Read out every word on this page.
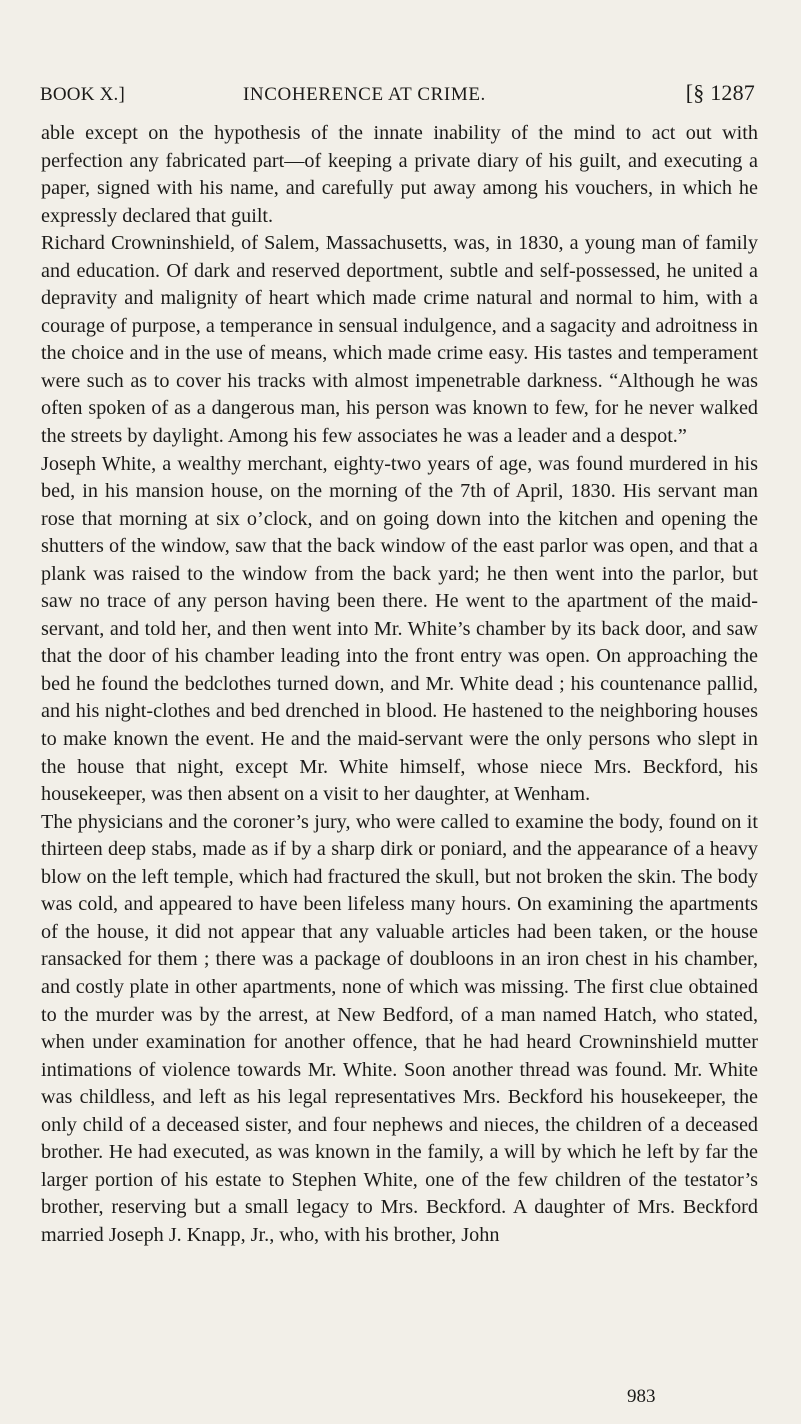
BOOK X.]	INCOHERENCE AT CRIME.	[§ 1287

able except on the hypothesis of the innate inability of the mind to act out with perfection any fabricated part—of keeping a private diary of his guilt, and executing a paper, signed with his name, and carefully put away among his vouchers, in which he expressly declared that guilt.

Richard Crowninshield, of Salem, Massachusetts, was, in 1830, a young man of family and education. Of dark and reserved deportment, subtle and self-possessed, he united a depravity and malignity of heart which made crime natural and normal to him, with a courage of purpose, a temperance in sensual indulgence, and a sagacity and adroitness in the choice and in the use of means, which made crime easy. His tastes and temperament were such as to cover his tracks with almost impenetrable darkness. “Although he was often spoken of as a dangerous man, his person was known to few, for he never walked the streets by daylight. Among his few associates he was a leader and a despot.”

Joseph White, a wealthy merchant, eighty-two years of age, was found murdered in his bed, in his mansion house, on the morning of the 7th of April, 1830. His servant man rose that morning at six o’clock, and on going down into the kitchen and opening the shutters of the window, saw that the back window of the east parlor was open, and that a plank was raised to the window from the back yard; he then went into the parlor, but saw no trace of any person having been there. He went to the apartment of the maid-servant, and told her, and then went into Mr. White’s chamber by its back door, and saw that the door of his chamber leading into the front entry was open. On approaching the bed he found the bedclothes turned down, and Mr. White dead ; his countenance pallid, and his night-clothes and bed drenched in blood. He hastened to the neighboring houses to make known the event. He and the maid-servant were the only persons who slept in the house that night, except Mr. White himself, whose niece Mrs. Beckford, his housekeeper, was then absent on a visit to her daughter, at Wenham.

The physicians and the coroner’s jury, who were called to examine the body, found on it thirteen deep stabs, made as if by a sharp dirk or poniard, and the appearance of a heavy blow on the left temple, which had fractured the skull, but not broken the skin. The body was cold, and appeared to have been lifeless many hours. On examining the apartments of the house, it did not appear that any valuable articles had been taken, or the house ransacked for them ; there was a package of doubloons in an iron chest in his chamber, and costly plate in other apartments, none of which was missing. The first clue obtained to the murder was by the arrest, at New Bedford, of a man named Hatch, who stated, when under examination for another offence, that he had heard Crowninshield mutter intimations of violence towards Mr. White. Soon another thread was found. Mr. White was childless, and left as his legal representatives Mrs. Beckford his housekeeper, the only child of a deceased sister, and four nephews and nieces, the children of a deceased brother. He had executed, as was known in the family, a will by which he left by far the larger portion of his estate to Stephen White, one of the few children of the testator’s brother, reserving but a small legacy to Mrs. Beckford. A daughter of Mrs. Beckford married Joseph J. Knapp, Jr., who, with his brother, John

983
